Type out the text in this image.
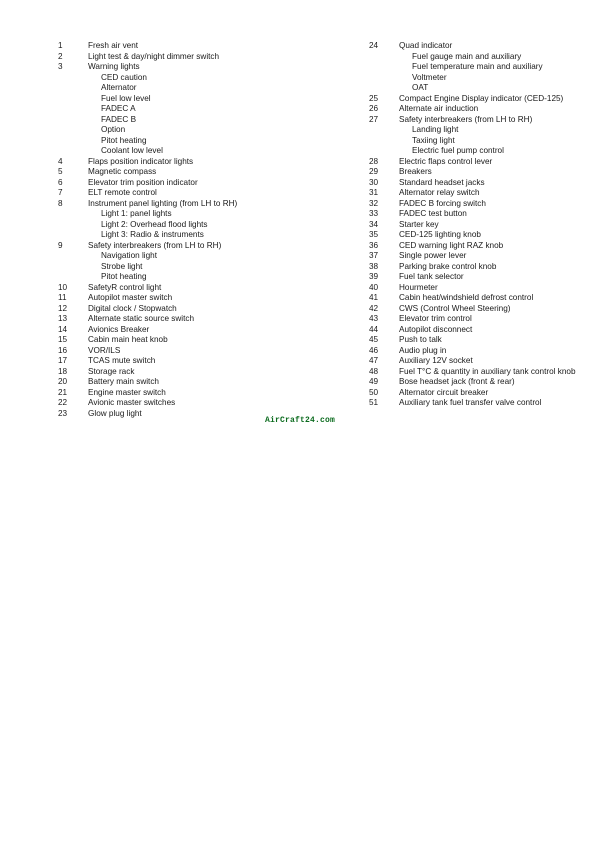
1	Fresh air vent
2	Light test & day/night dimmer switch
3	Warning lights
CED caution
Alternator
Fuel low level
FADEC A
FADEC B
Option
Pitot heating
Coolant low level
4	Flaps position indicator lights
5	Magnetic compass
6	Elevator trim position indicator
7	ELT remote control
8	Instrument panel lighting (from LH to RH)
Light 1: panel lights
Light 2: Overhead flood lights
Light 3: Radio & instruments
9	Safety interbreakers (from LH to RH)
Navigation light
Strobe light
Pitot heating
10	SafetyR control light
11	Autopilot master switch
12	Digital clock / Stopwatch
13	Alternate static source switch
14	Avionics Breaker
15	Cabin main heat knob
16	VOR/ILS
17	TCAS mute switch
18	Storage rack
20	Battery main switch
21	Engine master switch
22	Avionic master switches
23	Glow plug light
24	Quad indicator
Fuel gauge main and auxiliary
Fuel temperature main and auxiliary
Voltmeter
OAT
25	Compact Engine Display indicator (CED-125)
26	Alternate air induction
27	Safety interbreakers (from LH to RH)
Landing light
Taxiing light
Electric fuel pump control
28	Electric flaps control lever
29	Breakers
30	Standard headset jacks
31	Alternator relay switch
32	FADEC B forcing switch
33	FADEC test button
34	Starter key
35	CED-125 lighting knob
36	CED warning light RAZ knob
37	Single power lever
38	Parking brake control knob
39	Fuel tank selector
40	Hourmeter
41	Cabin heat/windshield defrost control
42	CWS (Control Wheel Steering)
43	Elevator trim control
44	Autopilot disconnect
45	Push to talk
46	Audio plug in
47	Auxiliary 12V socket
48	Fuel T°C & quantity in auxiliary tank control knob
49	Bose headset jack (front & rear)
50	Alternator circuit breaker
51	Auxiliary tank fuel transfer valve control
AirCraft24.com
